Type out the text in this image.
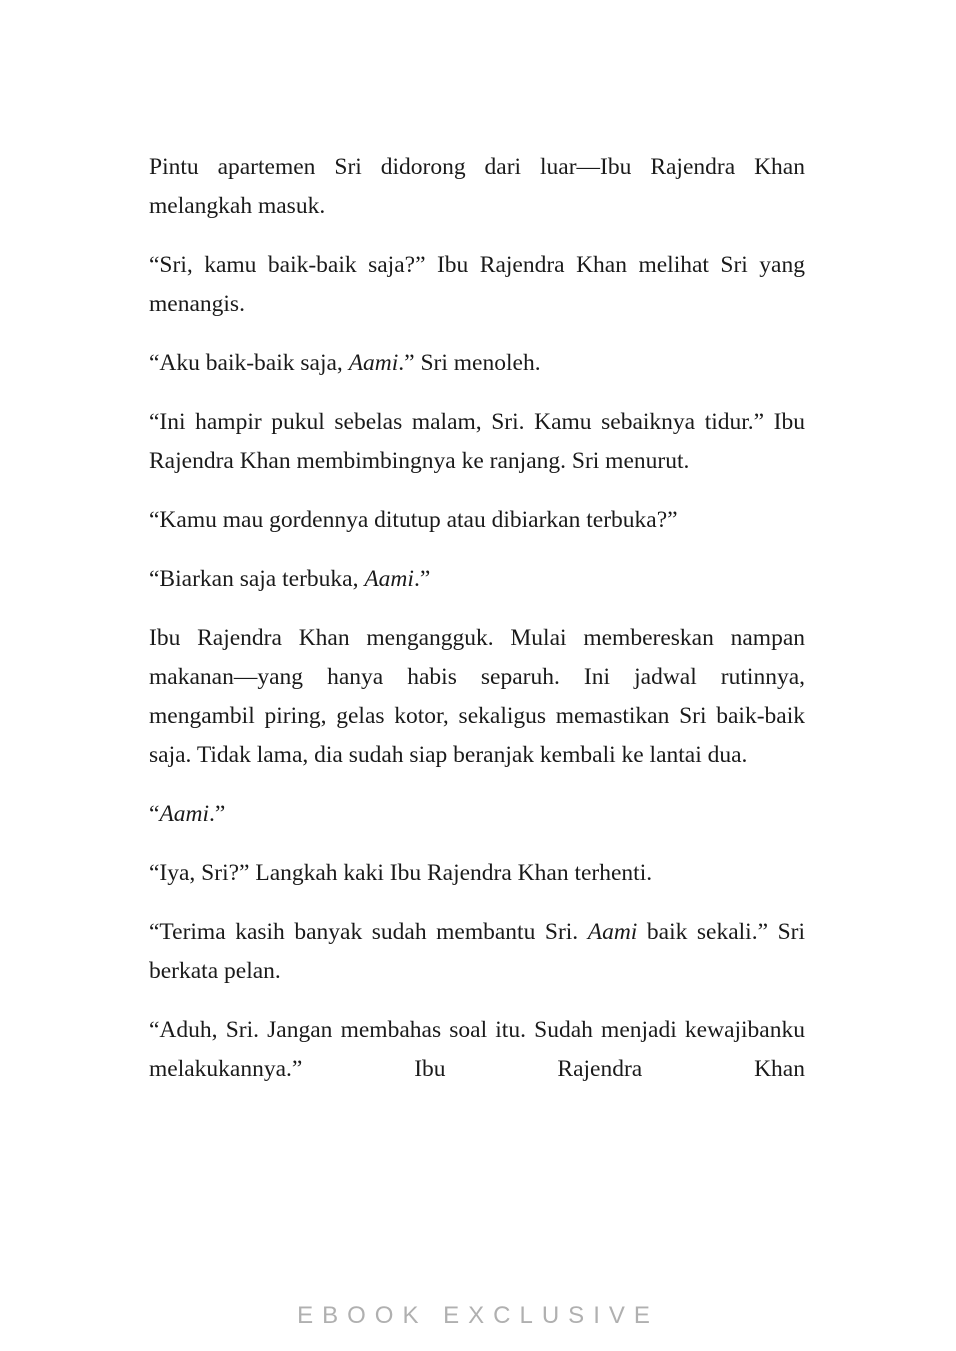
Pintu apartemen Sri didorong dari luar—Ibu Rajendra Khan melangkah masuk.

“Sri, kamu baik-baik saja?” Ibu Rajendra Khan melihat Sri yang menangis.

“Aku baik-baik saja, Aami.” Sri menoleh.

“Ini hampir pukul sebelas malam, Sri. Kamu sebaiknya tidur.” Ibu Rajendra Khan membimbingnya ke ranjang. Sri menurut.

“Kamu mau gordennya ditutup atau dibiarkan terbuka?”

“Biarkan saja terbuka, Aami.”

Ibu Rajendra Khan mengangguk. Mulai membereskan nampan makanan—yang hanya habis separuh. Ini jadwal rutinnya, mengambil piring, gelas kotor, sekaligus memastikan Sri baik-baik saja. Tidak lama, dia sudah siap beranjak kembali ke lantai dua.

“Aami.”

“Iya, Sri?” Langkah kaki Ibu Rajendra Khan terhenti.

“Terima kasih banyak sudah membantu Sri. Aami baik sekali.” Sri berkata pelan.

“Aduh, Sri. Jangan membahas soal itu. Sudah menjadi kewajibanku melakukannya.” Ibu Rajendra Khan

EBOOK EXCLUSIVE
